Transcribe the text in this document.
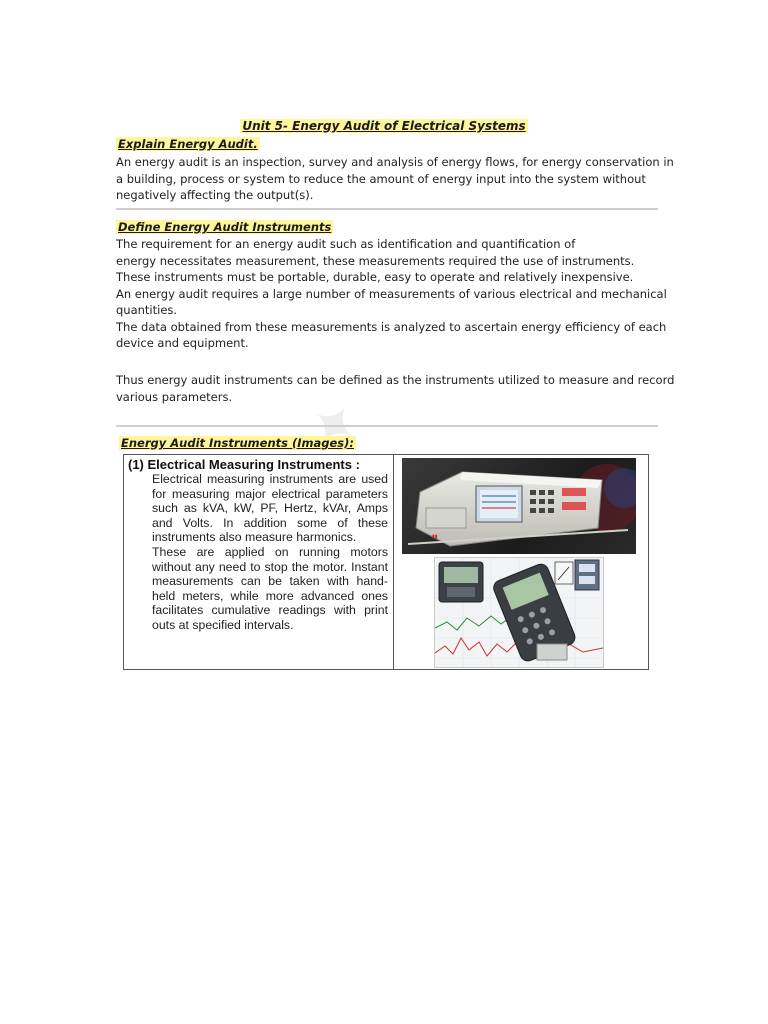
Unit 5- Energy Audit of Electrical Systems
Explain Energy Audit.
An energy audit is an inspection, survey and analysis of energy flows, for energy conservation in
a building, process or system to reduce the amount of energy input into the system without
negatively affecting the output(s).
Define Energy Audit Instruments
The requirement for an energy audit such as identification and quantification of
energy necessitates measurement, these measurements required the use of instruments.
These instruments must be portable, durable, easy to operate and relatively inexpensive.
An energy audit requires a large number of measurements of various electrical and mechanical
quantities.
The data obtained from these measurements is analyzed to ascertain energy efficiency of each
device and equipment.
Thus energy audit instruments can be defined as the instruments utilized to measure and record
various parameters.
Energy Audit Instruments (Images):
(1) Electrical Measuring Instruments :

Electrical measuring instruments are used for measuring major electrical parameters such as kVA, kW, PF, Hertz, kVAr, Amps and Volts. In addition some of these instruments also measure harmonics.

These are applied on running motors without any need to stop the motor. Instant measurements can be taken with hand-held meters, while more advanced ones facilitates cumulative readings with print outs at specified intervals.

▮▮
